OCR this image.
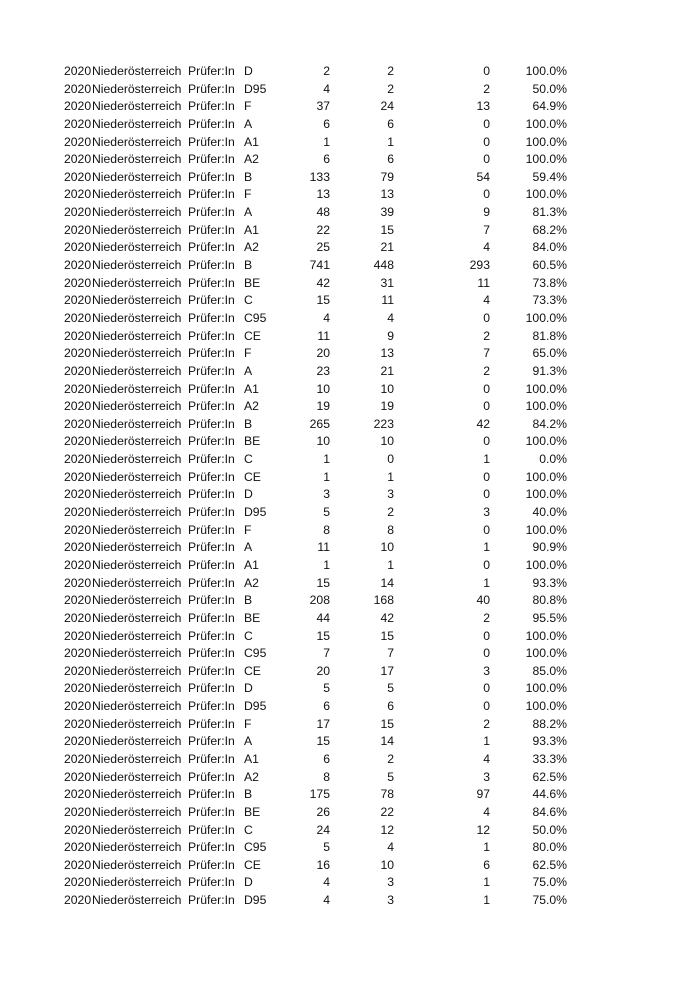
2020 Niederösterreich Prüfer:In D	2	2	0	100.0%
2020 Niederösterreich Prüfer:In D95	4	2	2	50.0%
2020 Niederösterreich Prüfer:In F	37	24	13	64.9%
2020 Niederösterreich Prüfer:In A	6	6	0	100.0%
2020 Niederösterreich Prüfer:In A1	1	1	0	100.0%
2020 Niederösterreich Prüfer:In A2	6	6	0	100.0%
2020 Niederösterreich Prüfer:In B	133	79	54	59.4%
2020 Niederösterreich Prüfer:In F	13	13	0	100.0%
2020 Niederösterreich Prüfer:In A	48	39	9	81.3%
2020 Niederösterreich Prüfer:In A1	22	15	7	68.2%
2020 Niederösterreich Prüfer:In A2	25	21	4	84.0%
2020 Niederösterreich Prüfer:In B	741	448	293	60.5%
2020 Niederösterreich Prüfer:In BE	42	31	11	73.8%
2020 Niederösterreich Prüfer:In C	15	11	4	73.3%
2020 Niederösterreich Prüfer:In C95	4	4	0	100.0%
2020 Niederösterreich Prüfer:In CE	11	9	2	81.8%
2020 Niederösterreich Prüfer:In F	20	13	7	65.0%
2020 Niederösterreich Prüfer:In A	23	21	2	91.3%
2020 Niederösterreich Prüfer:In A1	10	10	0	100.0%
2020 Niederösterreich Prüfer:In A2	19	19	0	100.0%
2020 Niederösterreich Prüfer:In B	265	223	42	84.2%
2020 Niederösterreich Prüfer:In BE	10	10	0	100.0%
2020 Niederösterreich Prüfer:In C	1	0	1	0.0%
2020 Niederösterreich Prüfer:In CE	1	1	0	100.0%
2020 Niederösterreich Prüfer:In D	3	3	0	100.0%
2020 Niederösterreich Prüfer:In D95	5	2	3	40.0%
2020 Niederösterreich Prüfer:In F	8	8	0	100.0%
2020 Niederösterreich Prüfer:In A	11	10	1	90.9%
2020 Niederösterreich Prüfer:In A1	1	1	0	100.0%
2020 Niederösterreich Prüfer:In A2	15	14	1	93.3%
2020 Niederösterreich Prüfer:In B	208	168	40	80.8%
2020 Niederösterreich Prüfer:In BE	44	42	2	95.5%
2020 Niederösterreich Prüfer:In C	15	15	0	100.0%
2020 Niederösterreich Prüfer:In C95	7	7	0	100.0%
2020 Niederösterreich Prüfer:In CE	20	17	3	85.0%
2020 Niederösterreich Prüfer:In D	5	5	0	100.0%
2020 Niederösterreich Prüfer:In D95	6	6	0	100.0%
2020 Niederösterreich Prüfer:In F	17	15	2	88.2%
2020 Niederösterreich Prüfer:In A	15	14	1	93.3%
2020 Niederösterreich Prüfer:In A1	6	2	4	33.3%
2020 Niederösterreich Prüfer:In A2	8	5	3	62.5%
2020 Niederösterreich Prüfer:In B	175	78	97	44.6%
2020 Niederösterreich Prüfer:In BE	26	22	4	84.6%
2020 Niederösterreich Prüfer:In C	24	12	12	50.0%
2020 Niederösterreich Prüfer:In C95	5	4	1	80.0%
2020 Niederösterreich Prüfer:In CE	16	10	6	62.5%
2020 Niederösterreich Prüfer:In D	4	3	1	75.0%
2020 Niederösterreich Prüfer:In D95	4	3	1	75.0%
